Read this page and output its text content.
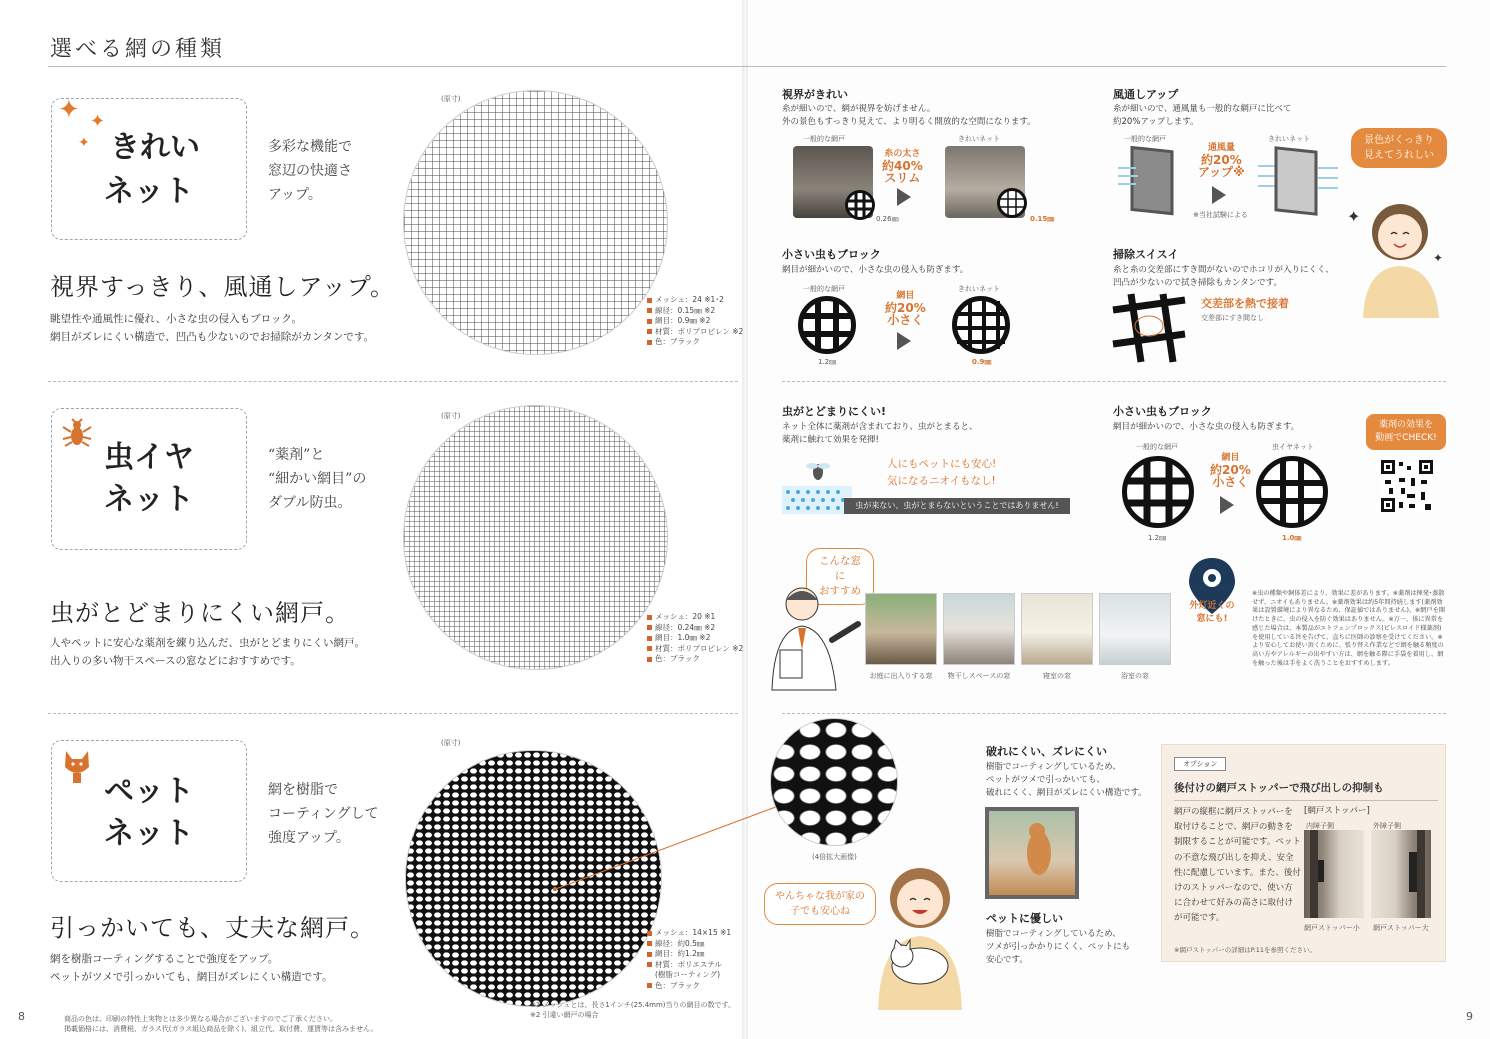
選べる網の種類
✦ ✦
✦ きれい
ネット
多彩な機能で
窓辺の快適さ
アップ。
視界すっきり、風通しアップ。
眺望性や通風性に優れ、小さな虫の侵入もブロック。
網目がズレにくい構造で、凹凸も少ないのでお掃除がカンタンです。
(原寸)
メッシュ：24 ※1･2
線径：0.15㎜ ※2
網目：0.9㎜ ※2
材質：ポリプロピレン ※2
色：ブラック
虫イヤ
ネット
“薬剤”と
“細かい網目”の
ダブル防虫。
虫がとどまりにくい網戸。
人やペットに安心な薬剤を練り込んだ、虫がとどまりにくい網戸。
出入りの多い物干スペースの窓などにおすすめです。
(原寸)
メッシュ：20 ※1
線径：0.24㎜ ※2
網目：1.0㎜ ※2
材質：ポリプロピレン ※2
色：ブラック
ペット
ネット
網を樹脂で
コーティングして
強度アップ。
引っかいても、丈夫な網戸。
網を樹脂コーティングすることで強度をアップ。
ペットがツメで引っかいても、網目がズレにくい構造です。
(原寸)
(4倍拡大画像)
メッシュ：14×15 ※1
線径：約0.5㎜
網目：約1.2㎜
材質：ポリエステル
(樹脂コーティング)
色：ブラック
※1 メッシュとは、長さ1インチ(25.4mm)当りの網目の数です。
※2 引違い網戸の場合
商品の色は、印刷の特性上実物とは多少異なる場合がございますのでご了承ください。
掲載価格には、消費税、ガラス代(ガラス組込商品を除く)、組立代、取付費、運賃等は含みません。
8	9
視界がきれい
糸が細いので、網が視界を妨げません。
外の景色もすっきり見えて、より明るく開放的な空間になります。
一般的な網戸	きれいネット
0.26㎜
糸の太さ
約40%
スリム
0.15㎜
風通しアップ
糸が細いので、通風量も一般的な網戸に比べて
約20%アップします。
一般的な網戸	きれいネット
通風量
約20%
アップ※
※当社試験による
景色がくっきり
見えてうれしい
✦
✦
小さい虫もブロック
網目が細かいので、小さな虫の侵入も防ぎます。
一般的な網戸	きれいネット
1.2㎜
網目
約20%
小さく
0.9㎜
掃除スイスイ
糸と糸の交差部にすき間がないのでホコリが入りにくく、
凹凸が少ないので拭き掃除もカンタンです。
交差部を熱で接着
交差部にすき間なし
虫がとどまりにくい!
ネット全体に薬剤が含まれており、虫がとまると、
薬剤に触れて効果を発揮!
人にもペットにも安心!
気になるニオイもなし!
虫が来ない、虫がとまらないということではありません!
小さい虫もブロック
網目が細かいので、小さな虫の侵入も防ぎます。
一般的な網戸	虫イヤネット
1.2㎜
網目
約20%
小さく
1.0㎜
薬剤の効果を
動画でCHECK!
こんな窓に
おすすめ
お庭に出入りする窓	物干しスペースの窓	寝室の窓	浴室の窓
外灯近くの
窓にも!
※虫の種類や飼体差により、効果に差があります。※薬剤は揮発･蒸散せず、ニオイもありません。※薬剤効果は約5年間持続します(薬剤効果は設置環境により異なるため、保証値ではありません)。※網戸を開けたときに、虫の侵入を防ぐ効果はありません。※万一、体に異常を感じた場合は、本製品がエトフェンプロックス(ピレスロイド様薬剤)を使用している旨を告げて、直ちに医師の診察を受けてください。※より安心してお使い頂くために、張り替え作業などで網を触る頻度の高い方やアレルギーの出やすい方は、網を触る際に手袋を着用し、網を触った後は手をよく洗うことをおすすめします。
破れにくい、ズレにくい
樹脂でコーティングしているため、
ペットがツメで引っかいても、
破れにくく、網目がズレにくい構造です。
ペットに優しい
樹脂でコーティングしているため、
ツメが引っかかりにくく、ペットにも
安心です。
やんちゃな我が家の
子でも安心ね
オプション
後付けの網戸ストッパーで飛び出しの抑制も
網戸の縦框に網戸ストッパーを
取付けることで、網戸の動きを
制限することが可能です。ペット
の不意な飛び出しを抑え、安全
性に配慮しています。また、後付
けのストッパーなので、使い方
に合わせて好みの高さに取付け
が可能です。
[網戸ストッパー]
内障子側	外障子側
網戸ストッパー小 網戸ストッパー大
※網戸ストッパーの詳細はP.11を参照ください。
